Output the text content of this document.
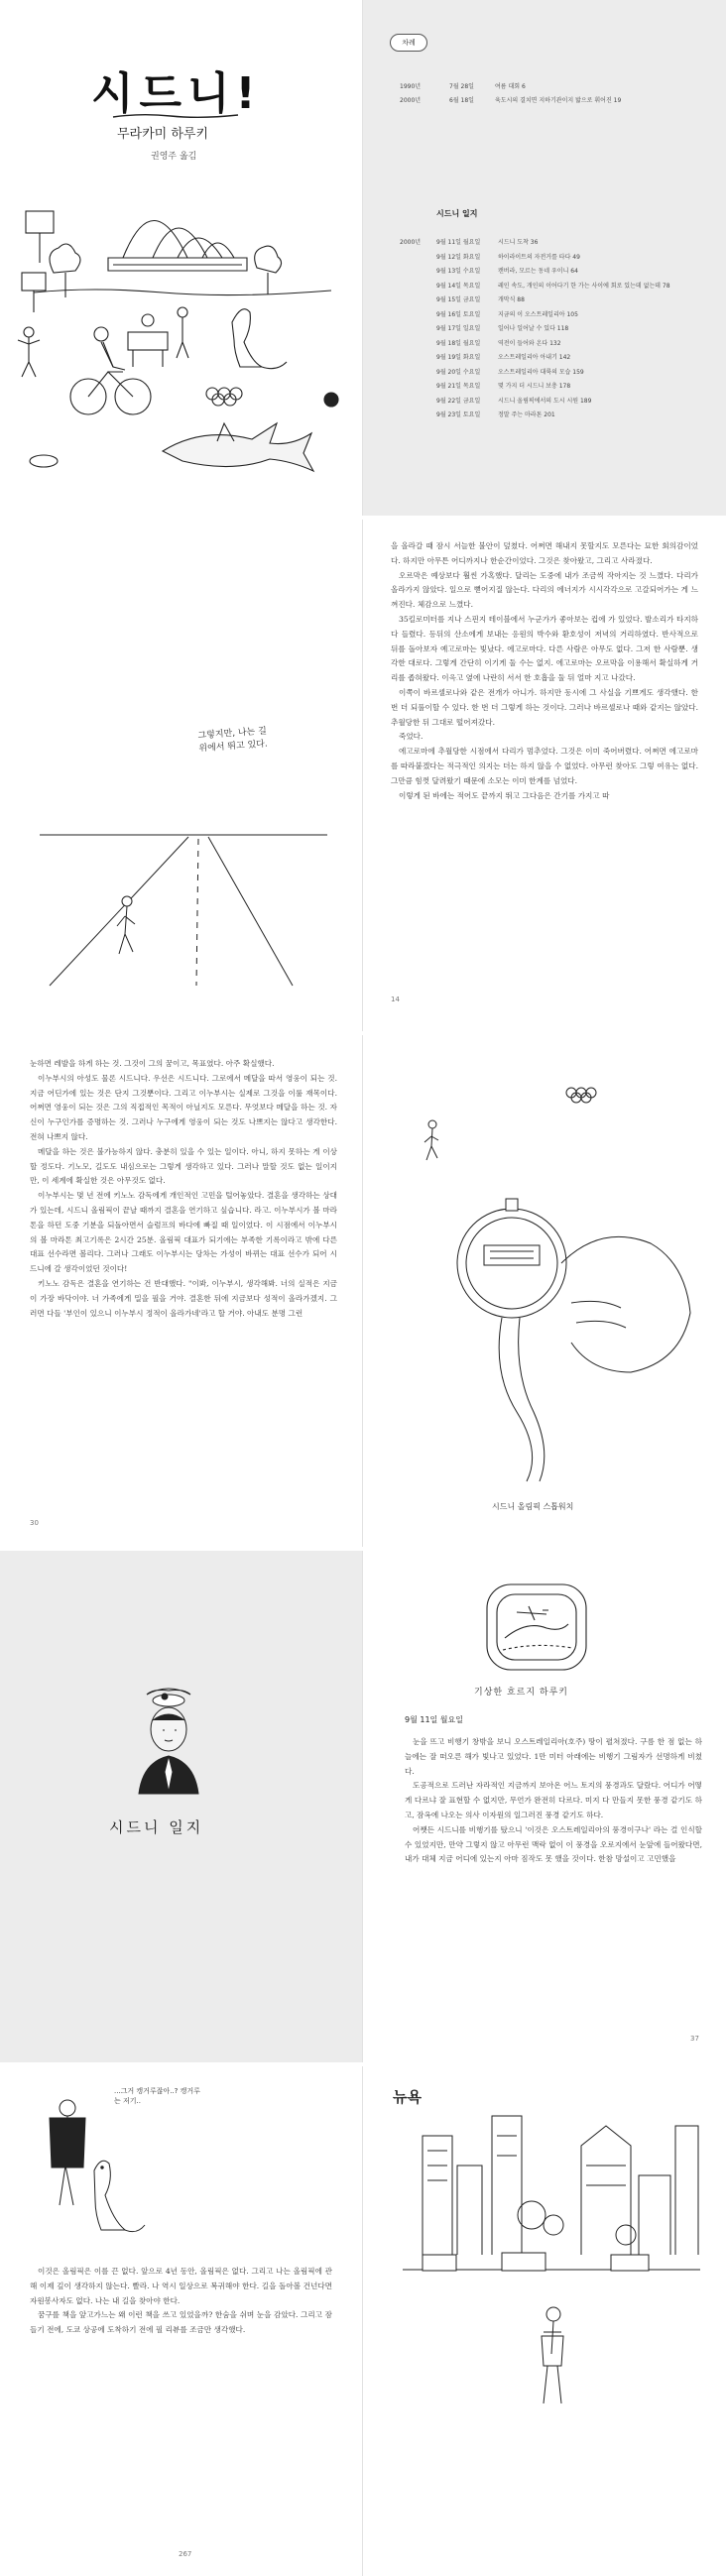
시드니!
무라카미 하루키
권영주 옮김
차례
1990년	7월 28일	여름 대회 6
2000년	6월 18일	육도시의 결치면 지하기관이지 밟으로 휘어진 19
시드니 일지
2000년	9월 11일 월요일	시드니 도착 36
9월 12일 화요일	하이라이트의 자전거를 타다 49
9월 13일 수요일	캔버라, 모르는 동네 우이니 64
9월 14일 목요일	레인 속도, 개인의 이어다기 한 가는 사이에 회로 있는데 없는데 78
9월 15일 금요일	개막식 88
9월 16일 토요일	지금의 이 오스트레일리아 105
9월 17일 일요일	일어나 일어날 수 있다 118
9월 18일 월요일	역전이 들어와 온다 132
9월 19일 화요일	오스트레일리아 아내기 142
9월 20일 수요일	오스트레일리아 대륙의 모습 159
9월 21일 목요일	몇 가지 더 시드니 보충 178
9월 22일 금요일	시드니 올림픽에서의 도시 시원 189
9월 23일 토요일	정말 주는 마라톤 201
그렇지만, 나는 길 위에서 뛰고 있다.

을 올라갈 때 잠시 서늘한 불안이 덮쳤다. 어쩌면 해내지 못할지도 모른다는 묘한 회의감이었다. 하지만 아무튼 어디까지나 한순간이었다. 그것은 찾아왔고, 그리고 사라졌다.

오르막은 예상보다 훨씬 가혹했다. 달리는 도중에 내가 조금씩 작아지는 것 느꼈다. 다리가 올라가지 않았다. 일으로 뻗어지질 않는다. 다리의 에너지가 시시각각으로 고갈되어가는 게 느껴진다. 체감으로 느꼈다.

35킬로미터를 지나 스핀지 테이블에서 누군가가 좋아보는 컵에 가 있었다. 발소리가 타지하다 들렸다. 등뒤의 산소에게 보내는 응원의 박수와 환호성이 저녁의 거리하였다. 반사적으로 뒤를 돌아보자 예고로마는 빛났다. 에고로마다. 다른 사람은 아무도 없다. 그저 한 사람뿐. 생각한 대로다. 그렇게 간단히 이기게 둘 수는 없지. 에고로마는 오르막을 이용해서 확실하게 거리를 좁혀왔다. 이윽고 옆에 나란히 서서 한 호흡을 둘 뒤 얼마 지고 나갔다.

이쪽이 바르셀로나와 같은 전개가 아니가. 하지만 동시에 그 사실을 기쁘게도 생각했다. 한 번 더 되풀이할 수 있다. 한 번 더 그렇게 하는 것이다. 그러나 바르셀로나 때와 같지는 않았다. 추월당한 뒤 그대로 떨어져갔다.

죽었다.

에고로마에 추월당한 시점에서 다리가 멈추었다. 그것은 이미 죽어버렸다. 어쩌면 에고로마를 따라붙겠다는 적극적인 의지는 더는 하지 않을 수 없었다. 아무런 찾아도 그렇 여유는 없다. 그만큼 힘껏 달려왔기 때문에 소모는 이미 한계를 넘었다.

이렇게 된 바에는 적어도 끝까지 뛰고 그다음은 간기를 가지고 따

14

눈하면 레발을 하게 하는 것. 그것이 그의 꿈이고, 목표였다. 아주 확실했다.

이누부시의 아성도 물론 시드니다. 우선은 시드니다. 그로에서 메달을 따서 영웅이 되는 것. 지금 어딘가에 있는 것은 단지 그것뿐이다. 그리고 이누부시는 실제로 그것을 이룰 재목이다. 어쩌면 영웅이 되는 것은 그의 직접적인 목적이 아닐지도 모른다. 무엇보다 메달을 하는 것. 자신이 누구인가를 증명하는 것. 그러나 누구에게 영웅이 되는 것도 나쁘지는 않다고 생각한다. 전혀 나쁘지 않다.

메달을 하는 것은 불가능하지 않다. 충분히 있을 수 있는 일이다. 아니, 하지 못하는 게 이상할 정도다. 기노모, 길도도 내심으로는 그렇게 생각하고 있다. 그러나 말할 것도 없는 일이지만, 이 세계에 확실한 것은 아무것도 없다.

이누부시는 몇 년 전에 키노노 감독에게 개인적인 고민을 털어놓았다. 결혼을 생각하는 상대가 있는데, 시드니 올림픽이 끝날 때까지 결혼을 연기하고 싶습니다. 라고. 이누부시가 볼 마라톤을 하던 도중 기분을 되돌아면서 슬럼프의 바다에 빠질 때 일이었다. 이 시점에서 이누부시의 볼 마라톤 최고기록은 2시간 25분. 올림픽 대표가 되기에는 부족한 기록이라고 밖에 다른 대표 선수라면 볼리다. 그러나 그래도 이누부시는 당차는 가성이 바뀌는 대표 선수가 되어 시드니에 갈 생각이었던 것이다!

키노노 감독은 결혼을 연기하는 건 반대했다. "이봐, 이누부시, 생각해봐. 너의 실적은 지금이 가장 바닥이야. 너 가족에게 밀을 필을 거야. 결혼한 뒤에 지금보다 성적이 올라가겠지. 그러면 다들 '부인이 있으니 이누부시 정적이 올라가네'라고 할 거야. 아내도 분명 그런

30
시드니 올림픽 스톱워치
시드니 일지
기상한 흐르지 하루키
9월 11일 월요일

눈을 뜨고 비행기 창밖을 보니 오스트레일리아(호주) 땅이 펼쳐졌다. 구름 한 점 없는 하늘에는 잘 떠오른 해가 빛나고 있었다. 1만 미터 아래에는 비행기 그림자가 선명하게 비쳤다.

도공적으로 드러난 자라적인 지금까지 보아온 어느 토지의 풍경과도 달랐다. 어디가 어떻게 다르냐 잘 표현할 수 없지만, 무언가 완전히 다르다. 미지 다 만들지 못한 풍경 같기도 하고, 잠옥에 나오는 의사 이자원의 일그러진 풍경 같기도 하다.

어쨋든 시드니를 비행기를 탔으니 '이것은 오스트레일리아의 풍경이구나' 라는 걸 인식할 수 있었지만, 만약 그렇지 않고 아무런 맥락 없이 이 풍경을 오로지에서 눈앞에 들어왔다면, 내가 대체 지금 어디에 있는지 아마 짐작도 못 했을 것이다. 한참 망설이고 고민했을

37
...그거 캥거루잖아..? 캥거루는 저기..

이것은 올림픽은 이를 끈 없다. 앞으로 4년 동안, 올림픽은 없다. 그리고 나는 올림픽에 관해 이제 깊이 생각하지 않는다. 빨라. 나 역시 일상으로 복귀해야 한다. 길을 돌아볼 건넌다면 자원봉사자도 없다. 나는 내 길을 찾아야 한다.

꿈구를 책을 앞고가느는 왜 이런 책을 쓰고 있었을까? 한숨을 쉬며 눈을 감았다. 그리고 잠들기 전에, 도쿄 상공에 도착하기 전에 필 리뷰를 조금만 생각했다.

267
뉴욕
